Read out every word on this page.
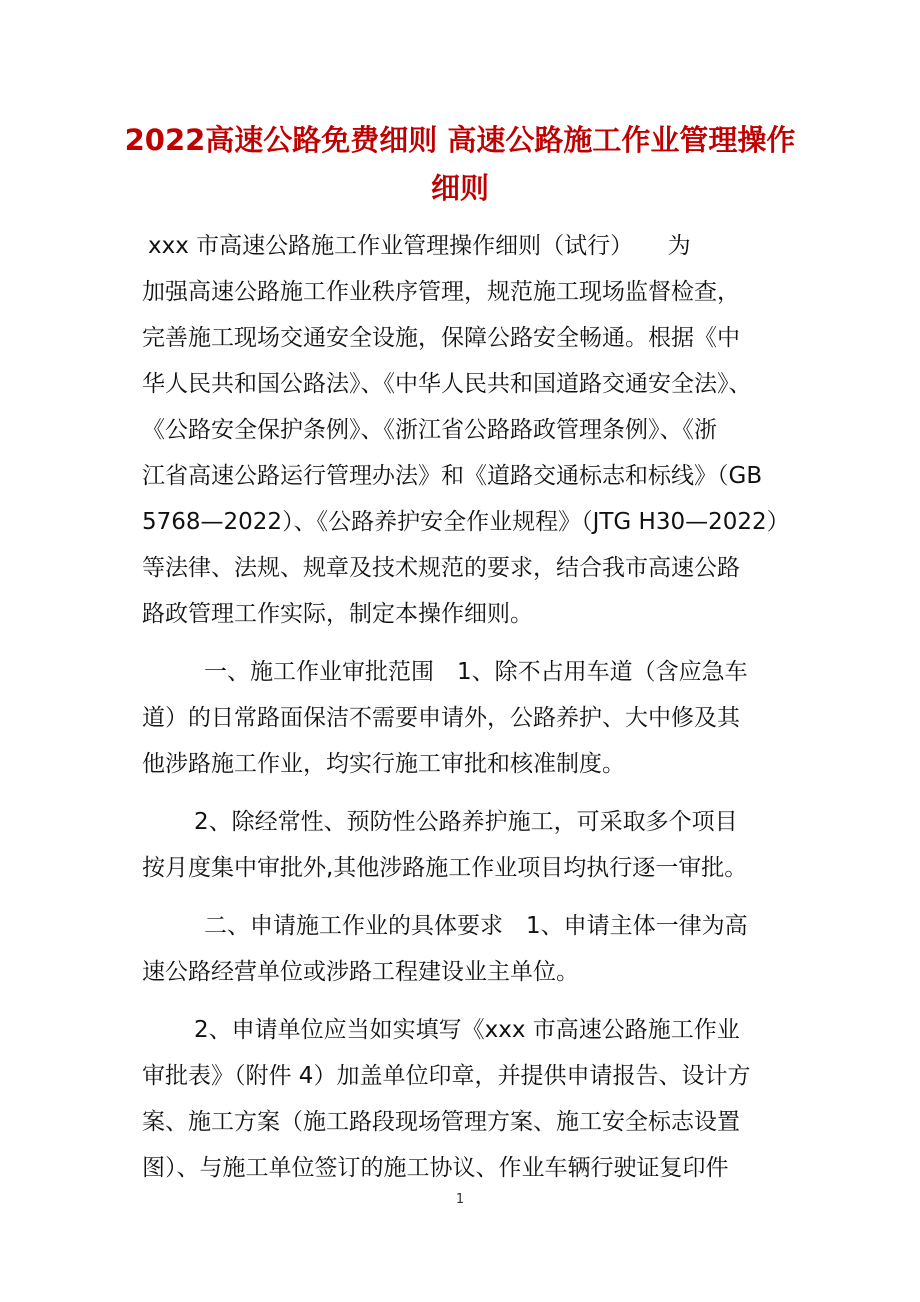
2022高速公路免费细则 高速公路施工作业管理操作
细则
xxx 市高速公路施工作业管理操作细则（试行）　　为
加强高速公路施工作业秩序管理，规范施工现场监督检查，
完善施工现场交通安全设施，保障公路安全畅通。根据《中
华人民共和国公路法》、《中华人民共和国道路交通安全法》、
《公路安全保护条例》、《浙江省公路路政管理条例》、《浙
江省高速公路运行管理办法》和《道路交通标志和标线》（GB
5768—2022）、《公路养护安全作业规程》（JTG H30—2022）
等法律、法规、规章及技术规范的要求，结合我市高速公路
路政管理工作实际，制定本操作细则。
一、施工作业审批范围　1、除不占用车道（含应急车
道）的日常路面保洁不需要申请外，公路养护、大中修及其
他涉路施工作业，均实行施工审批和核准制度。
2、除经常性、预防性公路养护施工，可采取多个项目
按月度集中审批外,其他涉路施工作业项目均执行逐一审批。
二、申请施工作业的具体要求　1、申请主体一律为高
速公路经营单位或涉路工程建设业主单位。
2、申请单位应当如实填写《xxx 市高速公路施工作业
审批表》（附件 4）加盖单位印章，并提供申请报告、设计方
案、施工方案（施工路段现场管理方案、施工安全标志设置
图）、与施工单位签订的施工协议、作业车辆行驶证复印件
1
